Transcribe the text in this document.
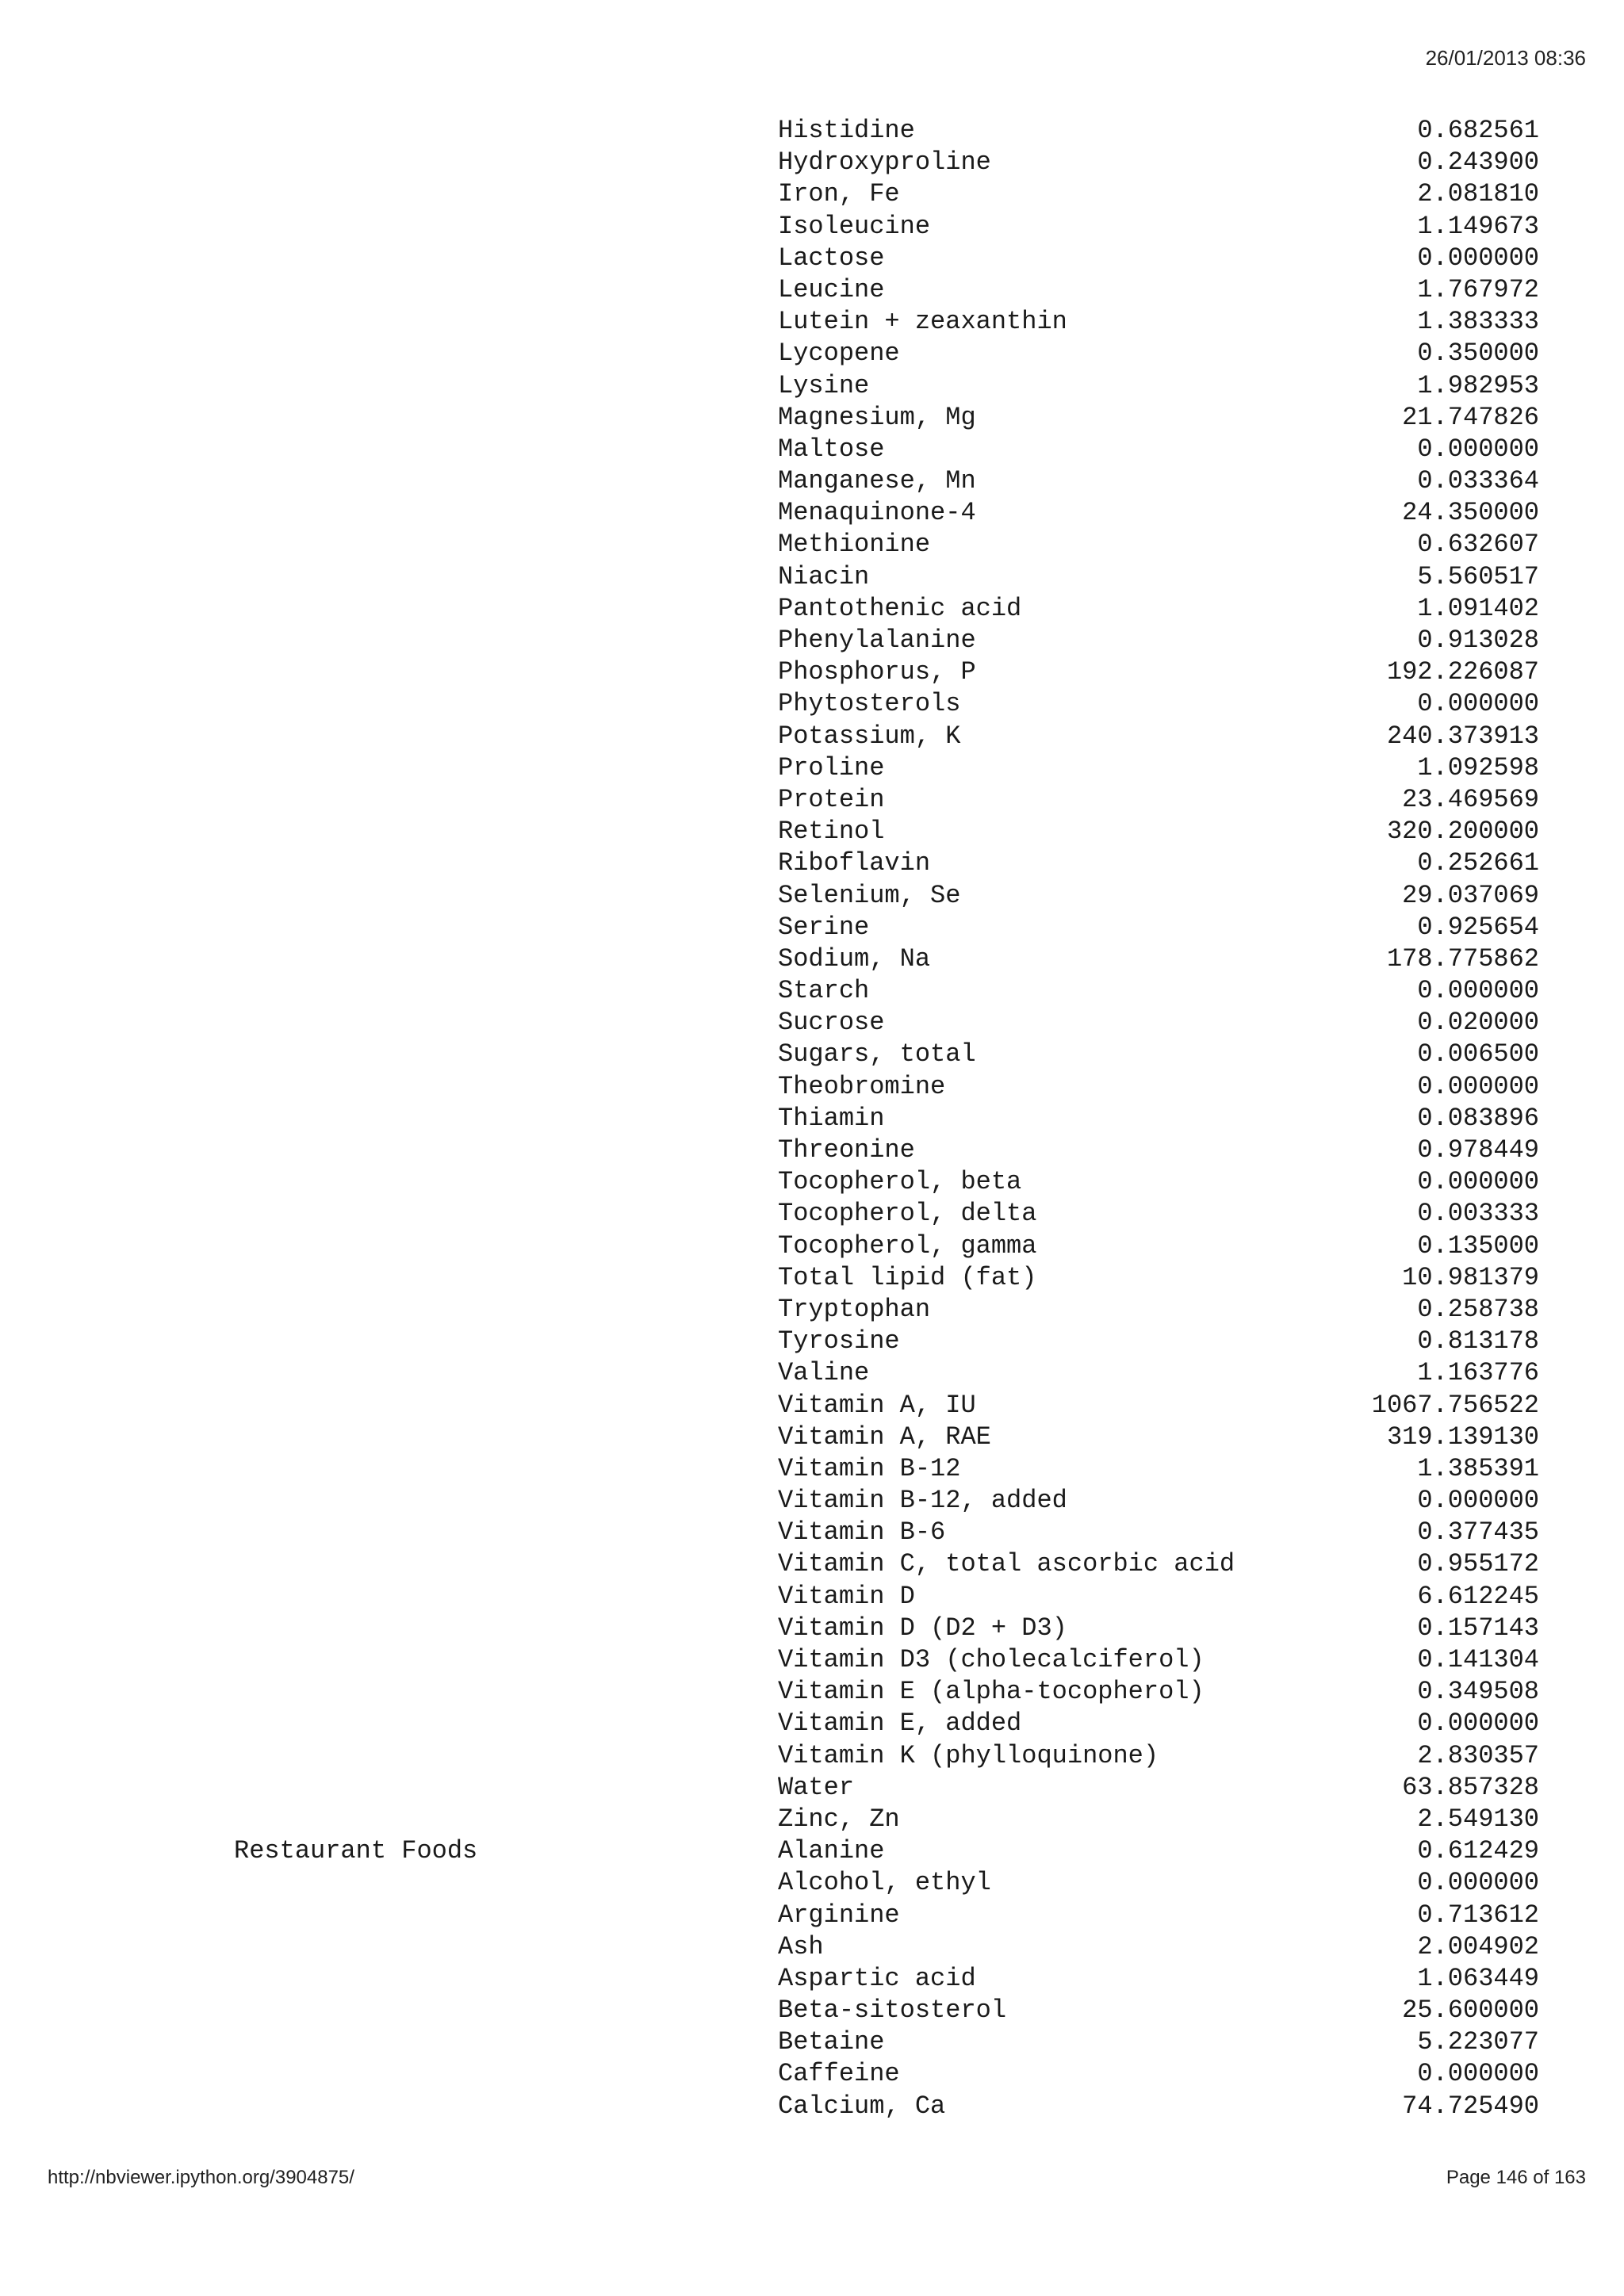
26/01/2013 08:36
Histidine	0.682561
Hydroxyproline	0.243900
Iron, Fe	2.081810
Isoleucine	1.149673
Lactose	0.000000
Leucine	1.767972
Lutein + zeaxanthin	1.383333
Lycopene	0.350000
Lysine	1.982953
Magnesium, Mg	21.747826
Maltose	0.000000
Manganese, Mn	0.033364
Menaquinone-4	24.350000
Methionine	0.632607
Niacin	5.560517
Pantothenic acid	1.091402
Phenylalanine	0.913028
Phosphorus, P	192.226087
Phytosterols	0.000000
Potassium, K	240.373913
Proline	1.092598
Protein	23.469569
Retinol	320.200000
Riboflavin	0.252661
Selenium, Se	29.037069
Serine	0.925654
Sodium, Na	178.775862
Starch	0.000000
Sucrose	0.020000
Sugars, total	0.006500
Theobromine	0.000000
Thiamin	0.083896
Threonine	0.978449
Tocopherol, beta	0.000000
Tocopherol, delta	0.003333
Tocopherol, gamma	0.135000
Total lipid (fat)	10.981379
Tryptophan	0.258738
Tyrosine	0.813178
Valine	1.163776
Vitamin A, IU	1067.756522
Vitamin A, RAE	319.139130
Vitamin B-12	1.385391
Vitamin B-12, added	0.000000
Vitamin B-6	0.377435
Vitamin C, total ascorbic acid	0.955172
Vitamin D	6.612245
Vitamin D (D2 + D3)	0.157143
Vitamin D3 (cholecalciferol)	0.141304
Vitamin E (alpha-tocopherol)	0.349508
Vitamin E, added	0.000000
Vitamin K (phylloquinone)	2.830357
Water	63.857328
Zinc, Zn	2.549130
Restaurant Foods	Alanine	0.612429
Alcohol, ethyl	0.000000
Arginine	0.713612
Ash	2.004902
Aspartic acid	1.063449
Beta-sitosterol	25.600000
Betaine	5.223077
Caffeine	0.000000
Calcium, Ca	74.725490
http://nbviewer.ipython.org/3904875/	Page 146 of 163
